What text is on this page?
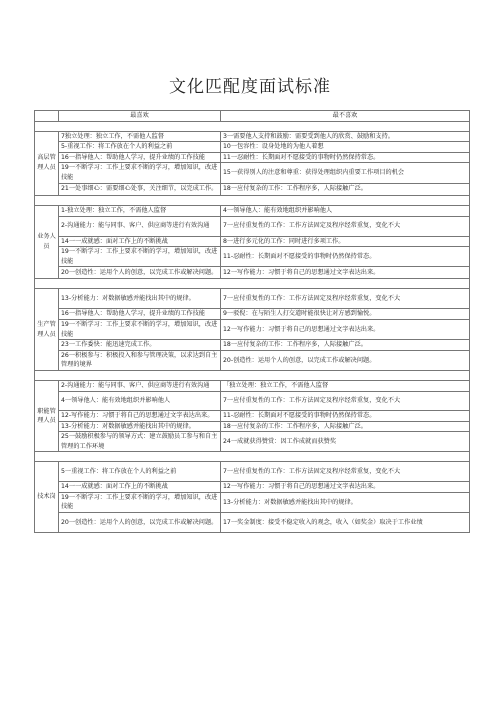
文化匹配度面试标准
	最喜欢	最不喜欢

高层管理人员	7独立处理：独立工作，不需他人监督	3一需要他人支持和鼓励：需要受到他人的欣赏、鼓励和支持。
	5-重视工作：将工作放在个人的利益之前	10一包容性：设身处地的为他人着想
	16一指导他人：帮助他人学习，提升业绩的工作技能	11一忍耐性：长期面对不愿接受的事物时仍然保持常态。
	19一不断学习：工作上要求不断的学习，增加知识，改进技能	15一获得别人的注意和尊重：获得处理组织内重要工作项目的机会
	21一处事细心：需要细心处事，关注细节，以完成工作。	18一应付复杂的工作：工作程序多，人际接触广泛。

业务人员	1-独立处理：独立工作，不需他人监督	4一领导他人：能有效地组织并影响他人
	2-沟通能力：能与同事、客户、供应商等进行有效沟通	7一应付重复性的工作：工作方法固定及程序经常重复，变化不大
	14一一成就感：面对工作上的不断挑战	8一进行多元化的工作：同时进行多项工作。
	19一不断学习：工作上要求不断的学习，增加知识，改进技能	11-忍耐性：长期面对不愿接受的事物时仍然保持常态。
	20一创造性：运用个人的创意，以完成工作或解决问题。	12一写作能力：习惯于将自己的思想通过文字表达出来。

生产管理人员	13-分析能力：对数据敏感并能找出其中的规律。	7一应付重复性的工作：工作方法固定及程序经常重复，变化不大
	16一指导他人：帮助他人学习，提升业绩的工作技能	9一驳倪：在与陌生人打交道时能很快让对方感到愉悦。
	19一不断学习：工作上要求不断的学习，增加知识，改进技能	12一写作能力：习惯于将自己的思想通过文字表达出来。
	23一工作委快：能迅速完成工作。	18一应付复杂的工作：工作程序多，人际接触广泛。
	26一积极参与：积极投入和参与管理决策，以求达到自主管理的境界	20-创造性：运用个人的创意，以完成工作或解决问题。

职能管理人员	2-沟通能力：能与同事、客户、供应商等进行有效沟通	「独立处理：独立工作，不需他人监督
	4一领导他人：能有效地组织并影响他人	7一应付重复性的工作：工作方法固定及程序经常重复，变化不大
	12-写作能力：习惯于将自己的思想通过文字表达出来。	11-忍耐性：长期面对不愿接受的事物时仍然保持常态。
	13-分析能力：对数据敏感并能找出其中的规律。	18一应付复杂的工作：工作程序多，人际接触广泛。
	25一鼓励积极参与的领导方式：建立鼓励员工参与和自主管理的工作环境	24一成就获得赞赏：因工作成就而获赞奖

技术岗	5一重视工作：将工作放在个人的利益之前	7一应付重复性的工作：工作方法固定及程序经常重复，变化不大
	14一一成就感：面对工作上的不断挑战	12一写作能力：习惯于将自己的思想通过文字表达出来。
	19一不断学习：工作上要求不断的学习，增加知识，改进技能	13-分析能力：对数据敏感并能找出其中的规律。
	20一创造性：运用个人的创意，以完成工作或解决问题。	17一奖金制度：接受不稳定收入的观念，收入（如奖金）取决于工作业绩
